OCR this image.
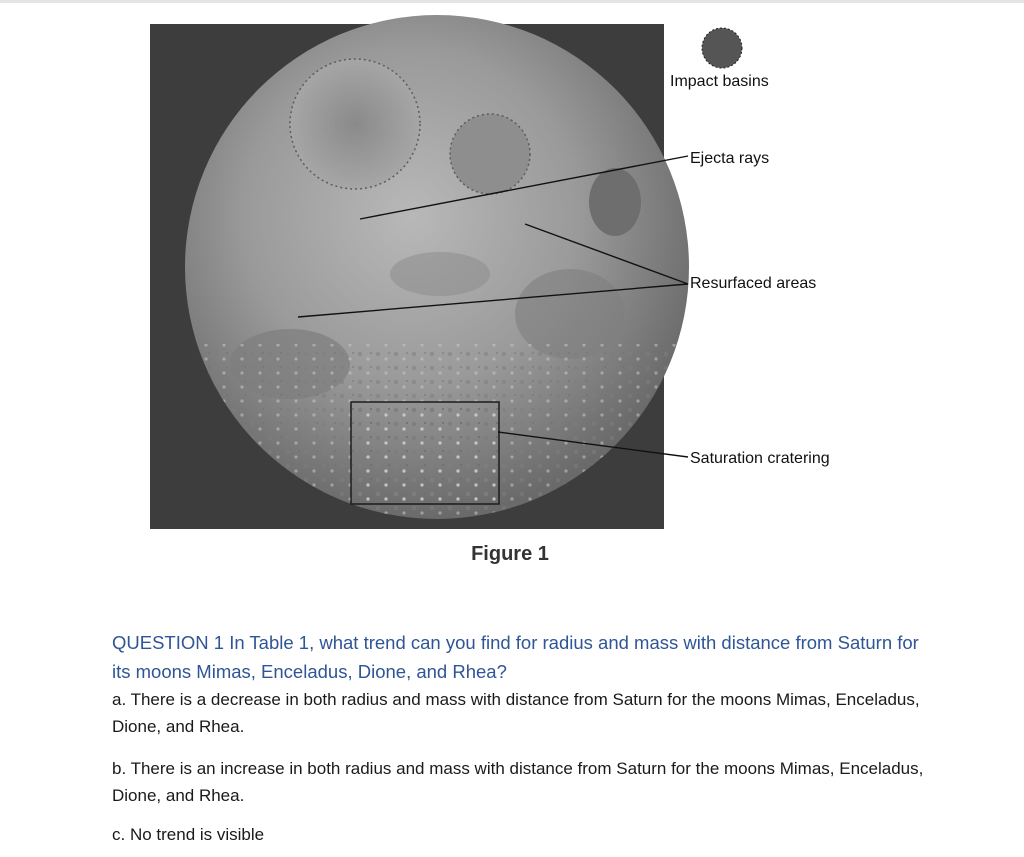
Impact basins
Ejecta rays
Resurfaced areas
Saturation cratering
Figure 1
QUESTION 1 In Table 1, what trend can you find for radius and mass with distance from Saturn for its moons Mimas, Enceladus, Dione, and Rhea?
a. There is a decrease in both radius and mass with distance from Saturn for the moons Mimas, Enceladus, Dione, and Rhea.
b. There is an increase in both radius and mass with distance from Saturn for the moons Mimas, Enceladus, Dione, and Rhea.
c. No trend is visible
